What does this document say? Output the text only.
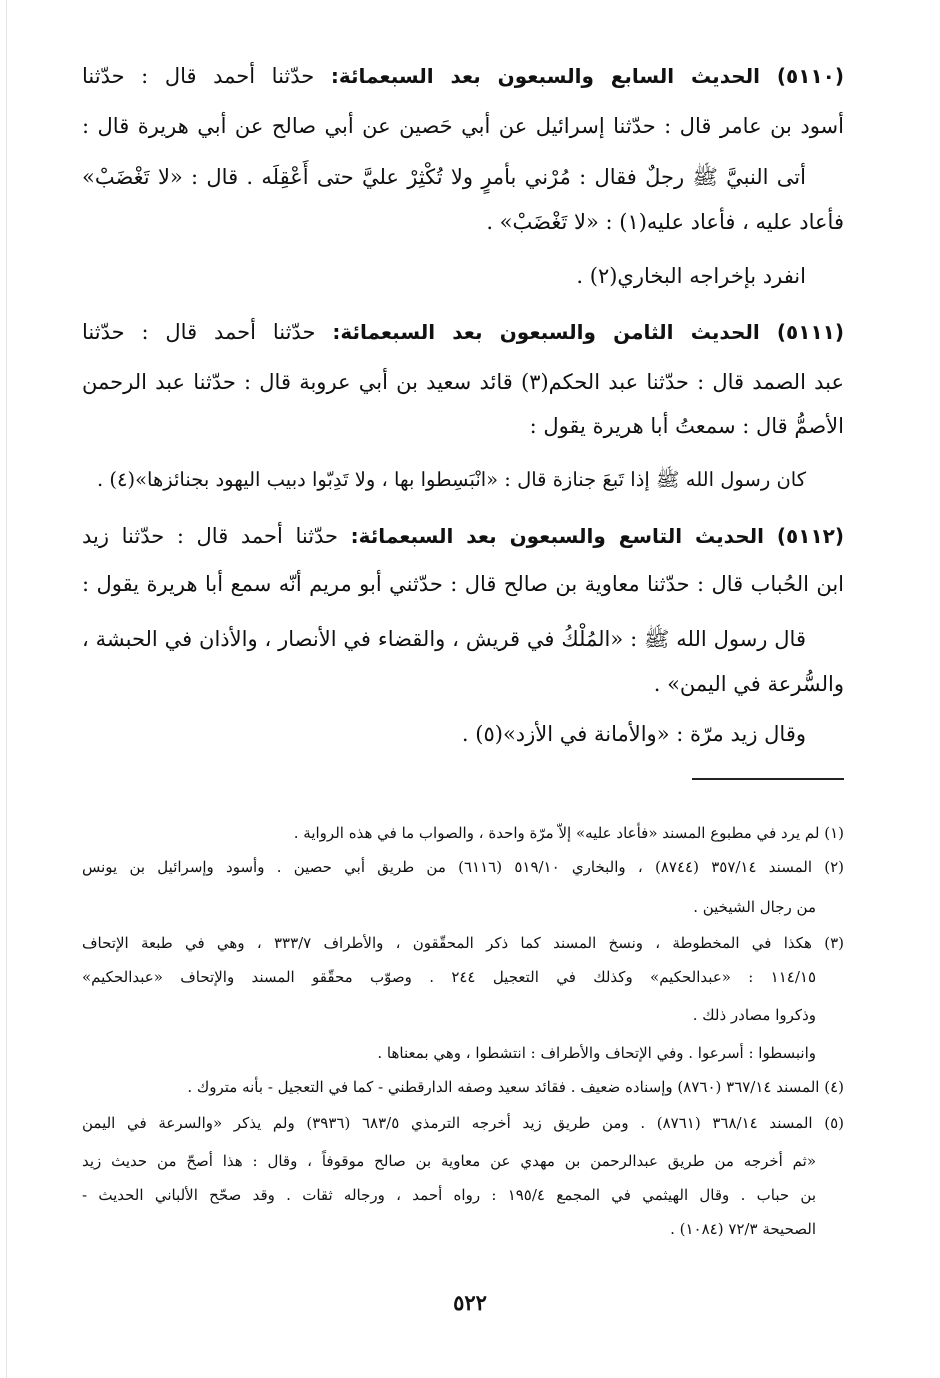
(٥١١٠) الحديث السابع والسبعون بعد السبعمائة: حدّثنا أحمد قال : حدّثنا
أسود بن عامر قال : حدّثنا إسرائيل عن أبي حَصين عن أبي صالح عن أبي هريرة قال :
أتى النبيَّ ﷺ رجلٌ فقال : مُرْني بأمرٍ ولا تُكْثِرْ عليَّ حتى أَعْقِلَه . قال : «لا تَغْضَبْ»
فأعاد عليه ، فأعاد عليه(١) : «لا تَغْضَبْ» .
انفرد بإخراجه البخاري(٢) .
(٥١١١) الحديث الثامن والسبعون بعد السبعمائة: حدّثنا أحمد قال : حدّثنا
عبد الصمد قال : حدّثنا عبد الحكم(٣) قائد سعيد بن أبي عروبة قال : حدّثنا عبد الرحمن
الأصمُّ قال : سمعتُ أبا هريرة يقول :
كان رسول الله ﷺ إذا تَبعَ جنازة قال : «انْبَسِطوا بها ، ولا تَدِبّوا دبيب اليهود بجنائزها»(٤) .
(٥١١٢) الحديث التاسع والسبعون بعد السبعمائة: حدّثنا أحمد قال : حدّثنا زيد
ابن الحُباب قال : حدّثنا معاوية بن صالح قال : حدّثني أبو مريم أنّه سمع أبا هريرة يقول :
قال رسول الله ﷺ : «المُلْكُ في قريش ، والقضاء في الأنصار ، والأذان في الحبشة ،
والسُّرعة في اليمن» .
وقال زيد مرّة : «والأمانة في الأزد»(٥) .
(١) لم يرد في مطبوع المسند «فأعاد عليه» إلاّ مرّة واحدة ، والصواب ما في هذه الرواية .
(٢) المسند ٣٥٧/١٤ (٨٧٤٤) ، والبخاري ٥١٩/١٠ (٦١١٦) من طريق أبي حصين . وأسود وإسرائيل بن يونس
من رجال الشيخين .
(٣) هكذا في المخطوطة ، ونسخ المسند كما ذكر المحقّقون ، والأطراف ٣٣٣/٧ ، وهي في طبعة الإتحاف
١١٤/١٥ : «عبدالحكيم» وكذلك في التعجيل ٢٤٤ . وصوّب محقّقو المسند والإتحاف «عبدالحكيم»
وذكروا مصادر ذلك .
وانبسطوا : أسرعوا . وفي الإتحاف والأطراف : انتشطوا ، وهي بمعناها .
(٤) المسند ٣٦٧/١٤ (٨٧٦٠) وإسناده ضعيف . فقائد سعيد وصفه الدارقطني - كما في التعجيل - بأنه متروك .
(٥) المسند ٣٦٨/١٤ (٨٧٦١) . ومن طريق زيد أخرجه الترمذي ٦٨٣/٥ (٣٩٣٦) ولم يذكر «والسرعة في اليمن
«ثم أخرجه من طريق عبدالرحمن بن مهدي عن معاوية بن صالح موقوفاً ، وقال : هذا أصحّ من حديث زيد
بن حباب . وقال الهيثمي في المجمع ١٩٥/٤ : رواه أحمد ، ورجاله ثقات . وقد صحّح الألباني الحديث -
الصحيحة ٧٢/٣ (١٠٨٤) .
٥٢٢
